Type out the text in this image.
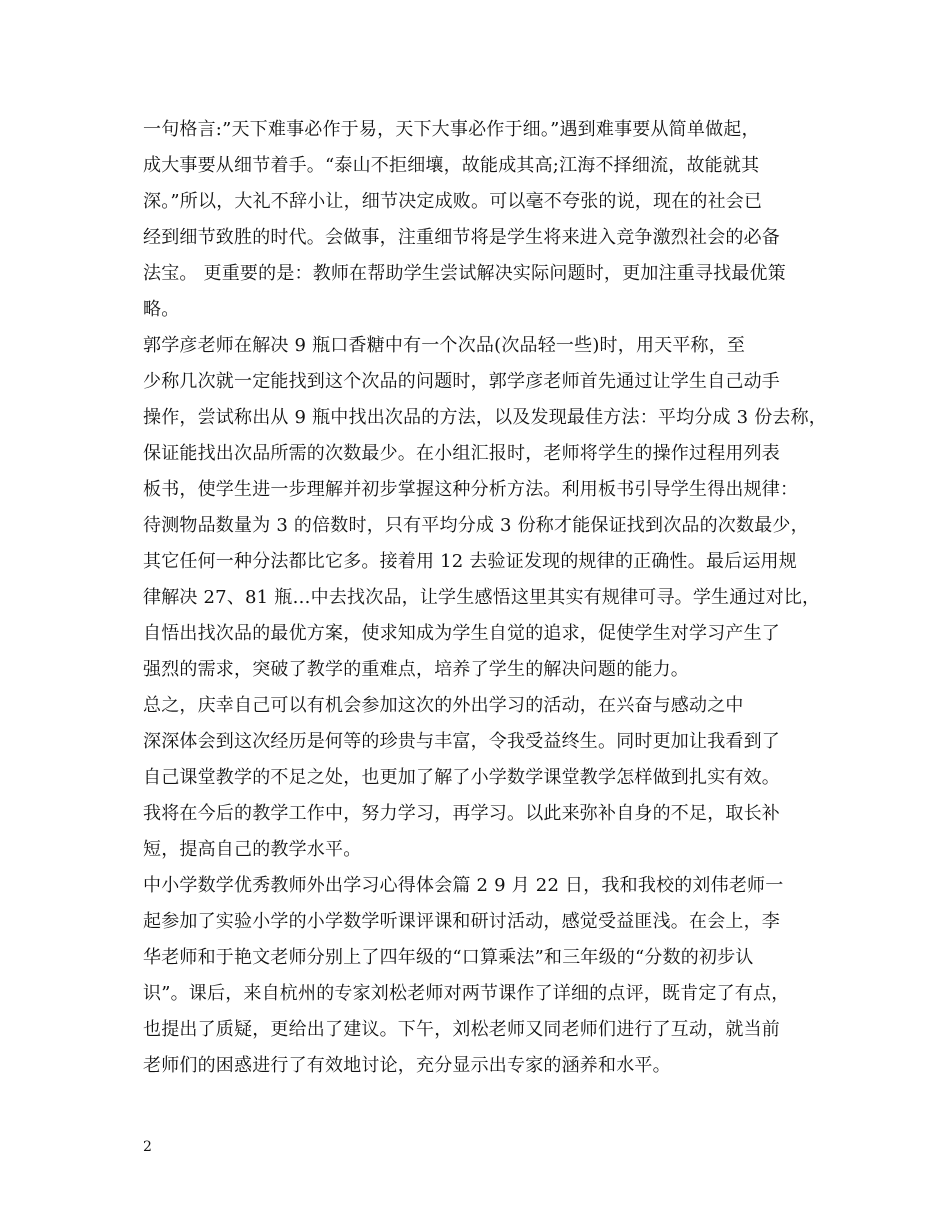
一句格言:”天下难事必作于易，天下大事必作于细。”遇到难事要从简单做起，
成大事要从细节着手。“泰山不拒细壤，故能成其高;江海不择细流，故能就其
深。”所以，大礼不辞小让，细节决定成败。可以毫不夸张的说，现在的社会已
经到细节致胜的时代。会做事，注重细节将是学生将来进入竞争激烈社会的必备
法宝。 更重要的是：教师在帮助学生尝试解决实际问题时，更加注重寻找最优策
略。
郭学彦老师在解决 9 瓶口香糖中有一个次品(次品轻一些)时，用天平称，至
少称几次就一定能找到这个次品的问题时，郭学彦老师首先通过让学生自己动手
操作，尝试称出从 9 瓶中找出次品的方法，以及发现最佳方法：平均分成 3 份去称，
保证能找出次品所需的次数最少。在小组汇报时，老师将学生的操作过程用列表
板书，使学生进一步理解并初步掌握这种分析方法。利用板书引导学生得出规律：
待测物品数量为 3 的倍数时，只有平均分成 3 份称才能保证找到次品的次数最少，
其它任何一种分法都比它多。接着用 12 去验证发现的规律的正确性。最后运用规
律解决 27、81 瓶…中去找次品，让学生感悟这里其实有规律可寻。学生通过对比，
自悟出找次品的最优方案，使求知成为学生自觉的追求，促使学生对学习产生了
强烈的需求，突破了教学的重难点，培养了学生的解决问题的能力。
总之，庆幸自己可以有机会参加这次的外出学习的活动，在兴奋与感动之中
深深体会到这次经历是何等的珍贵与丰富，令我受益终生。同时更加让我看到了
自己课堂教学的不足之处，也更加了解了小学数学课堂教学怎样做到扎实有效。
我将在今后的教学工作中，努力学习，再学习。以此来弥补自身的不足，取长补
短，提高自己的教学水平。
中小学数学优秀教师外出学习心得体会篇 2 9 月 22 日，我和我校的刘伟老师一
起参加了实验小学的小学数学听课评课和研讨活动，感觉受益匪浅。在会上，李
华老师和于艳文老师分别上了四年级的“口算乘法”和三年级的“分数的初步认
识”。课后，来自杭州的专家刘松老师对两节课作了详细的点评，既肯定了有点，
也提出了质疑，更给出了建议。下午，刘松老师又同老师们进行了互动，就当前
老师们的困惑进行了有效地讨论，充分显示出专家的涵养和水平。
2
